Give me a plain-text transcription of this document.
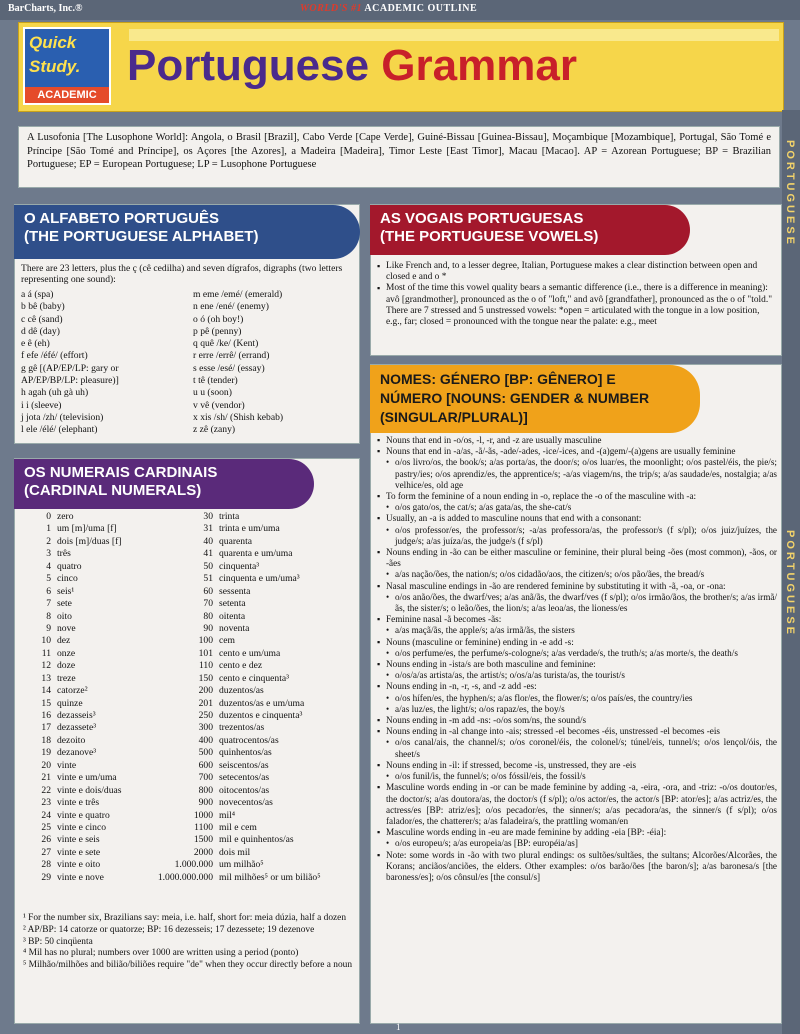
BarCharts, Inc.®	WORLD'S #1 ACADEMIC OUTLINE
Quick
Study.
ACADEMIC
Portuguese Grammar
PORTUGUESE
PORTUGUESE
A Lusofonia [The Lusophone World]: Angola, o Brasil [Brazil], Cabo Verde [Cape Verde], Guiné-Bissau [Guinea-Bissau], Moçambique [Mozambique], Portugal, São Tomé e Príncipe [São Tomé and Príncipe], os Açores [the Azores], a Madeira [Madeira], Timor Leste [East Timor], Macau [Macao]. AP = Azorean Portuguese; BP = Brazilian Portuguese; EP = European Portuguese; LP = Lusophone Portuguese
O ALFABETO PORTUGUÊS
(THE PORTUGUESE ALPHABET)
There are 23 letters, plus the ç (cê cedilha) and seven dígrafos, digraphs (two letters representing one sound):
a á (spa)
b bê (baby)
c cê (sand)
d dê (day)
e ê (eh)
f efe /éfé/ (effort)
g gê [(AP/EP/LP: gary or
AP/EP/BP/LP: pleasure)]
h agah (uh gà uh)
i i (sleeve)
j jota /zh/ (television)
l ele /élé/ (elephant)
m eme /emé/ (emerald)
n ene /ené/ (enemy)
o ó (oh boy!)
p pê (penny)
q quê /ke/ (Kent)
r erre /errê/ (errand)
s esse /esé/ (essay)
t tê (tender)
u u (soon)
v vê (vendor)
x xis /sh/ (Shish kebab)
z zê (zany)
AS VOGAIS PORTUGUESAS
(THE PORTUGUESE VOWELS)
▪ Like French and, to a lesser degree, Italian, Portuguese makes a clear distinction between open and closed e and o *
▪ Most of the time this vowel quality bears a semantic difference (i.e., there is a difference in meaning): avô [grandmother], pronounced as the o of "loft," and avô [grandfather], pronounced as the o of "told." There are 7 stressed and 5 unstressed vowels: *open = articulated with the tongue in a low position, e.g., far; closed = pronounced with the tongue near the palate: e.g., meet
OS NUMERAIS CARDINAIS
(CARDINAL NUMERALS)
0 zero
1 um [m]/uma [f]
2 dois [m]/duas [f]
3 três
4 quatro
5 cinco
6 seis¹
7 sete
8 oito
9 nove
10 dez
11 onze
12 doze
13 treze
14 catorze²
15 quinze
16 dezasseis³
17 dezassete³
18 dezoito
19 dezanove³
20 vinte
21 vinte e um/uma
22 vinte e dois/duas
23 vinte e três
24 vinte e quatro
25 vinte e cinco
26 vinte e seis
27 vinte e sete
28 vinte e oito
29 vinte e nove
30 trinta
31 trinta e um/uma
40 quarenta
41 quarenta e um/uma
50 cinquenta³
51 cinquenta e um/uma³
60 sessenta
70 setenta
80 oitenta
90 noventa
100 cem
101 cento e um/uma
110 cento e dez
150 cento e cinquenta³
200 duzentos/as
201 duzentos/as e um/uma
250 duzentos e cinquenta³
300 trezentos/as
400 quatrocentos/as
500 quinhentos/as
600 seiscentos/as
700 setecentos/as
800 oitocentos/as
900 novecentos/as
1000 mil⁴
1100 mil e cem
1500 mil e quinhentos/as
2000 dois mil
1.000.000 um milhão⁵
1.000.000.000 mil milhões⁵ or um bilião⁵
¹ For the number six, Brazilians say: meia, i.e. half, short for: meia dúzia, half a dozen
² AP/BP: 14 catorze or quatorze; BP: 16 dezesseis; 17 dezessete; 19 dezenove
³ BP: 50 cinqüenta
⁴ Mil has no plural; numbers over 1000 are written using a period (ponto)
⁵ Milhão/milhões and bilião/biliões require "de" when they occur directly before a noun
NOMES: GÉNERO [BP: GÊNERO] E
NÚMERO [NOUNS: GENDER & NUMBER
(SINGULAR/PLURAL)]
▪ Nouns that end in -o/os, -l, -r, and -z are usually masculine
▪ Nouns that end in -a/as, -ã/-ãs, -ade/-ades, -ice/-ices, and -(a)gem/-(a)gens are usually feminine
• o/os livro/os, the book/s; a/as porta/as, the door/s; o/os luar/es, the moonlight; o/os pastel/éis, the pie/s; pastry/ies; o/os aprendiz/es, the apprentice/s; -a/as viagem/ns, the trip/s; a/as saudade/es, nostalgia; a/as velhice/es, old age
▪ To form the feminine of a noun ending in -o, replace the -o of the masculine with -a:
• o/os gato/os, the cat/s; a/as gata/as, the she-cat/s
▪ Usually, an -a is added to masculine nouns that end with a consonant:
• o/os professor/es, the professor/s; -a/as professora/as, the professor/s (f s/pl); o/os juiz/juízes, the judge/s; a/as juíza/as, the judge/s (f s/pl)
▪ Nouns ending in -ão can be either masculine or feminine, their plural being -ões (most common), -ãos, or -ães
• a/as nação/ões, the nation/s; o/os cidadão/aos, the citizen/s; o/os pão/ães, the bread/s
▪ Nasal masculine endings in -ão are rendered feminine by substituting it with -ã, -oa, or -ona:
• o/os anão/ões, the dwarf/ves; a/as anã/ãs, the dwarf/ves (f s/pl); o/os irmão/ãos, the brother/s; a/as irmã/ãs, the sister/s; o leão/ões, the lion/s; a/as leoa/as, the lioness/es
▪ Feminine nasal -ã becomes -ãs:
• a/as maçã/ãs, the apple/s; a/as irmã/ãs, the sisters
▪ Nouns (masculine or feminine) ending in -e add -s:
• o/os perfume/es, the perfume/s-cologne/s; a/as verdade/s, the truth/s; a/as morte/s, the death/s
▪ Nouns ending in -ista/s are both masculine and feminine:
• o/os/a/as artista/as, the artist/s; o/os/a/as turista/as, the tourist/s
▪ Nouns ending in -n, -r, -s, and -z add -es:
• o/os hífen/es, the hyphen/s; a/as flor/es, the flower/s; o/os país/es, the country/ies
• a/as luz/es, the light/s; o/os rapaz/es, the boy/s
▪ Nouns ending in -m add -ns: -o/os som/ns, the sound/s
▪ Nouns ending in -al change into -ais; stressed -el becomes -éis, unstressed -el becomes -eis
• o/os canal/ais, the channel/s; o/os coronel/éis, the colonel/s; túnel/eis, tunnel/s; o/os lençol/óis, the sheet/s
▪ Nouns ending in -il: if stressed, become -is, unstressed, they are -eis
• o/os funil/is, the funnel/s; o/os fóssil/eis, the fossil/s
▪ Masculine words ending in -or can be made feminine by adding -a, -eira, -ora, and -triz: -o/os doutor/es, the doctor/s; a/as doutora/as, the doctor/s (f s/pl); o/os actor/es, the actor/s [BP: ator/es]; a/as actriz/es, the actress/es [BP: atriz/es]; o/os pecador/es, the sinner/s; a/as pecadora/as, the sinner/s (f s/pl); o/os falador/es, the chatterer/s; a/as faladeira/s, the prattling woman/en
▪ Masculine words ending in -eu are made feminine by adding -eia [BP: -éia]:
• o/os europeu/s; a/as europeia/as [BP: européia/as]
▪ Note: some words in -ão with two plural endings: os sultões/sultães, the sultans; Alcorões/Alcorães, the Korans; anciãos/anciões, the elders. Other examples: o/os barão/ões [the baron/s]; a/as baronesa/s [the baroness/es]; o/os cônsul/es [the consul/s]
1
